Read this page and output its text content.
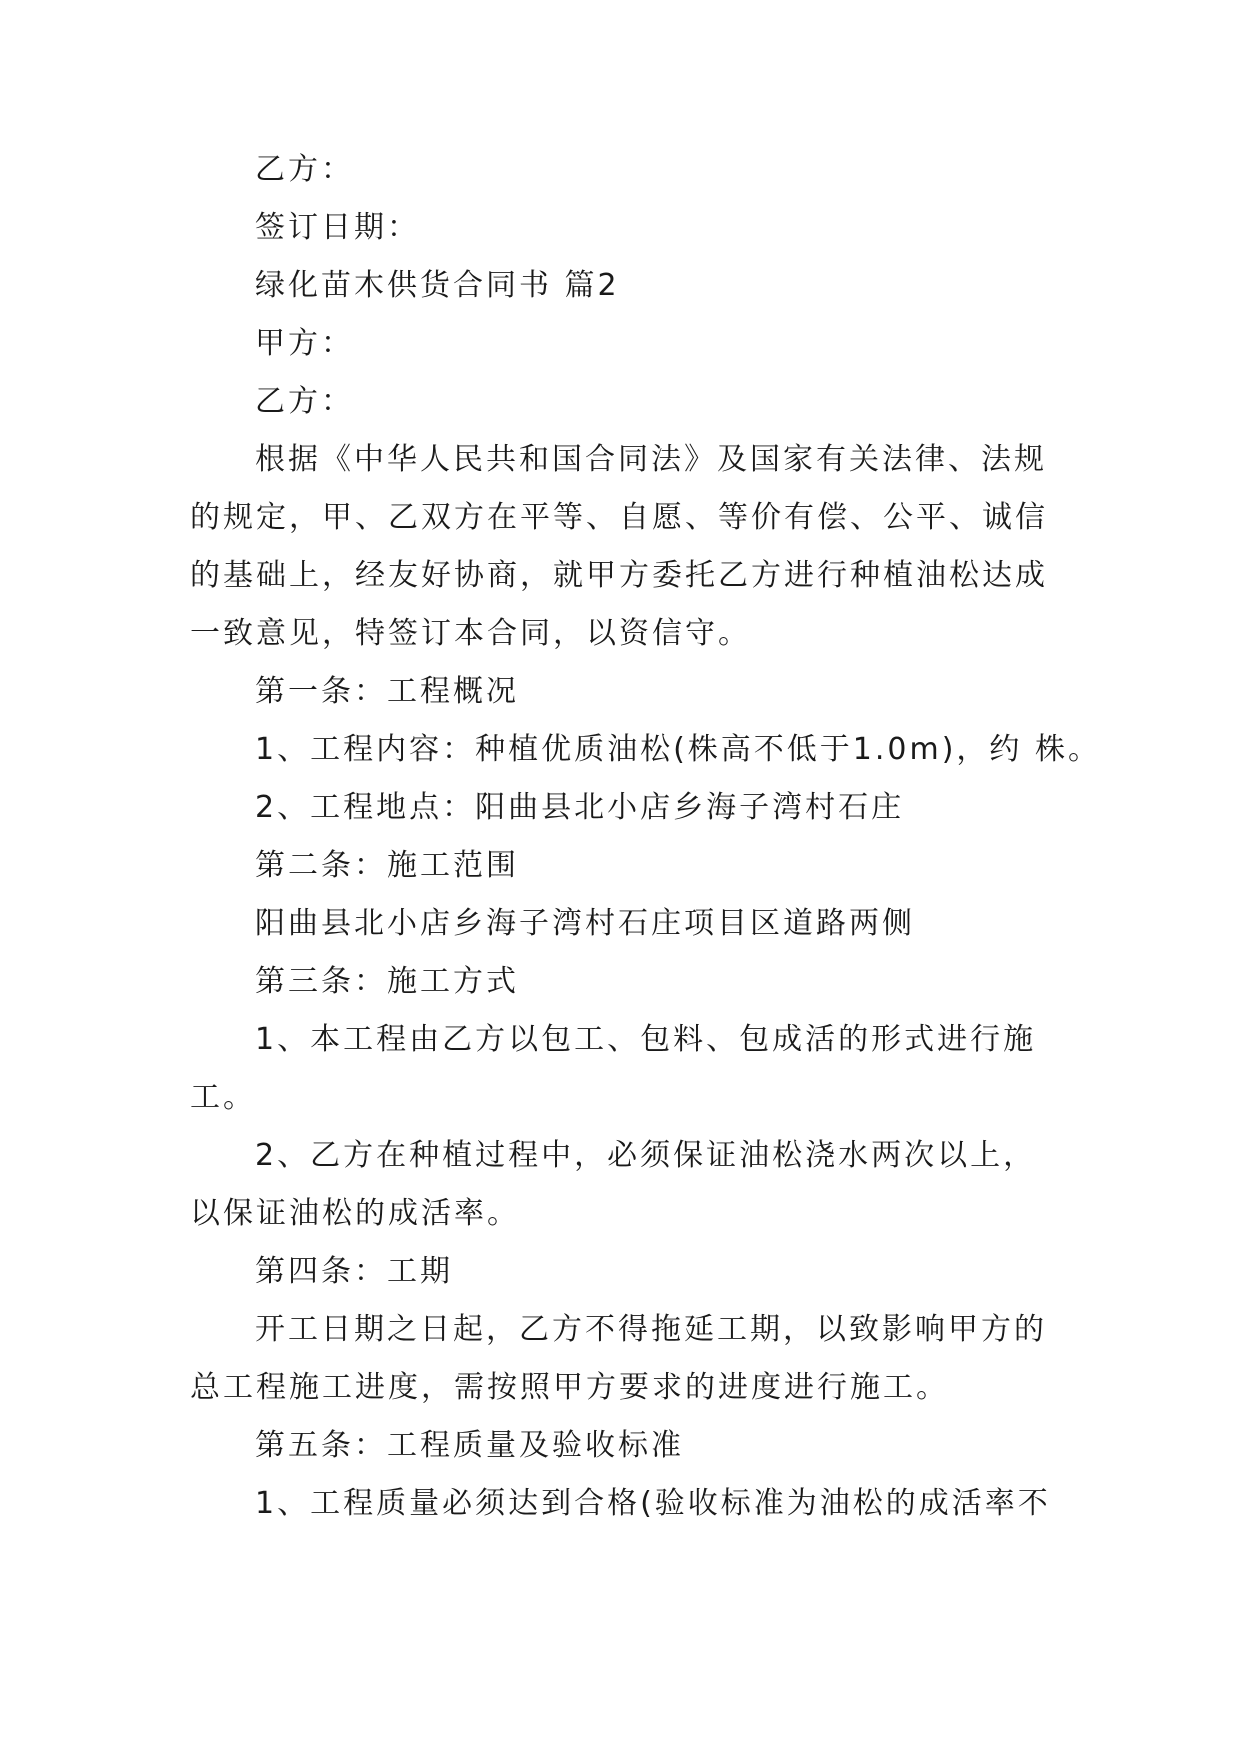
乙方：
签订日期：
绿化苗木供货合同书 篇2
甲方：
乙方：
根据《中华人民共和国合同法》及国家有关法律、法规
的规定，甲、乙双方在平等、自愿、等价有偿、公平、诚信
的基础上，经友好协商，就甲方委托乙方进行种植油松达成
一致意见，特签订本合同，以资信守。
第一条：工程概况
1、工程内容：种植优质油松(株高不低于1.0m)，约 株。
2、工程地点：阳曲县北小店乡海子湾村石庄
第二条：施工范围
阳曲县北小店乡海子湾村石庄项目区道路两侧
第三条：施工方式
1、本工程由乙方以包工、包料、包成活的形式进行施
工。
2、乙方在种植过程中，必须保证油松浇水两次以上，
以保证油松的成活率。
第四条：工期
开工日期之日起，乙方不得拖延工期，以致影响甲方的
总工程施工进度，需按照甲方要求的进度进行施工。
第五条：工程质量及验收标准
1、工程质量必须达到合格(验收标准为油松的成活率不
